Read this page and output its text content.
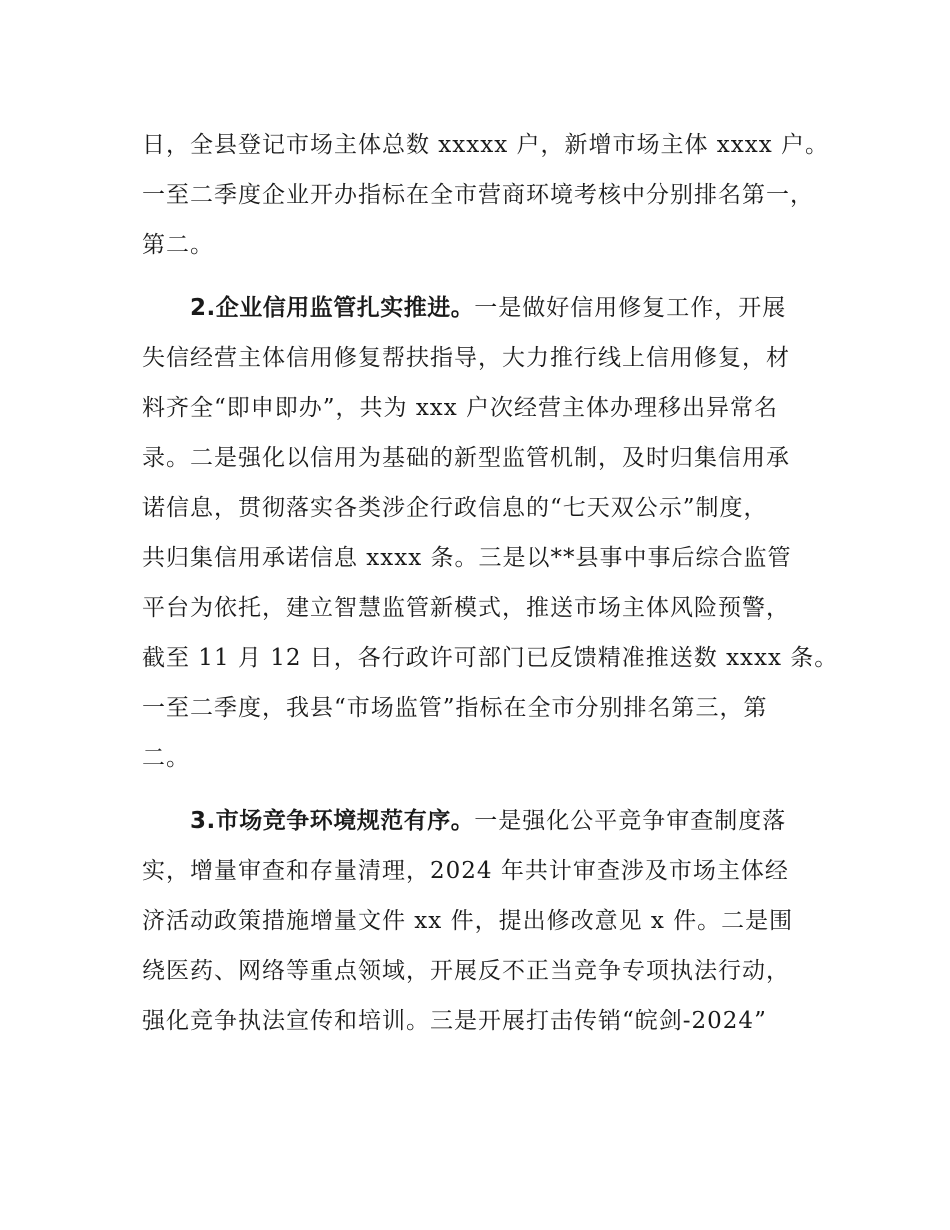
日，全县登记市场主体总数 xxxxx 户，新增市场主体 xxxx 户。
一至二季度企业开办指标在全市营商环境考核中分别排名第一，
第二。
2.企业信用监管扎实推进。一是做好信用修复工作，开展
失信经营主体信用修复帮扶指导，大力推行线上信用修复，材
料齐全“即申即办”，共为 xxx 户次经营主体办理移出异常名
录。二是强化以信用为基础的新型监管机制，及时归集信用承
诺信息，贯彻落实各类涉企行政信息的“七天双公示”制度，
共归集信用承诺信息 xxxx 条。三是以**县事中事后综合监管
平台为依托，建立智慧监管新模式，推送市场主体风险预警，
截至 11 月 12 日，各行政许可部门已反馈精准推送数 xxxx 条。
一至二季度，我县“市场监管”指标在全市分别排名第三，第
二。
3.市场竞争环境规范有序。一是强化公平竞争审查制度落
实，增量审查和存量清理，2024 年共计审查涉及市场主体经
济活动政策措施增量文件 xx 件，提出修改意见 x 件。二是围
绕医药、网络等重点领域，开展反不正当竞争专项执法行动，
强化竞争执法宣传和培训。三是开展打击传销“皖剑-2024”
